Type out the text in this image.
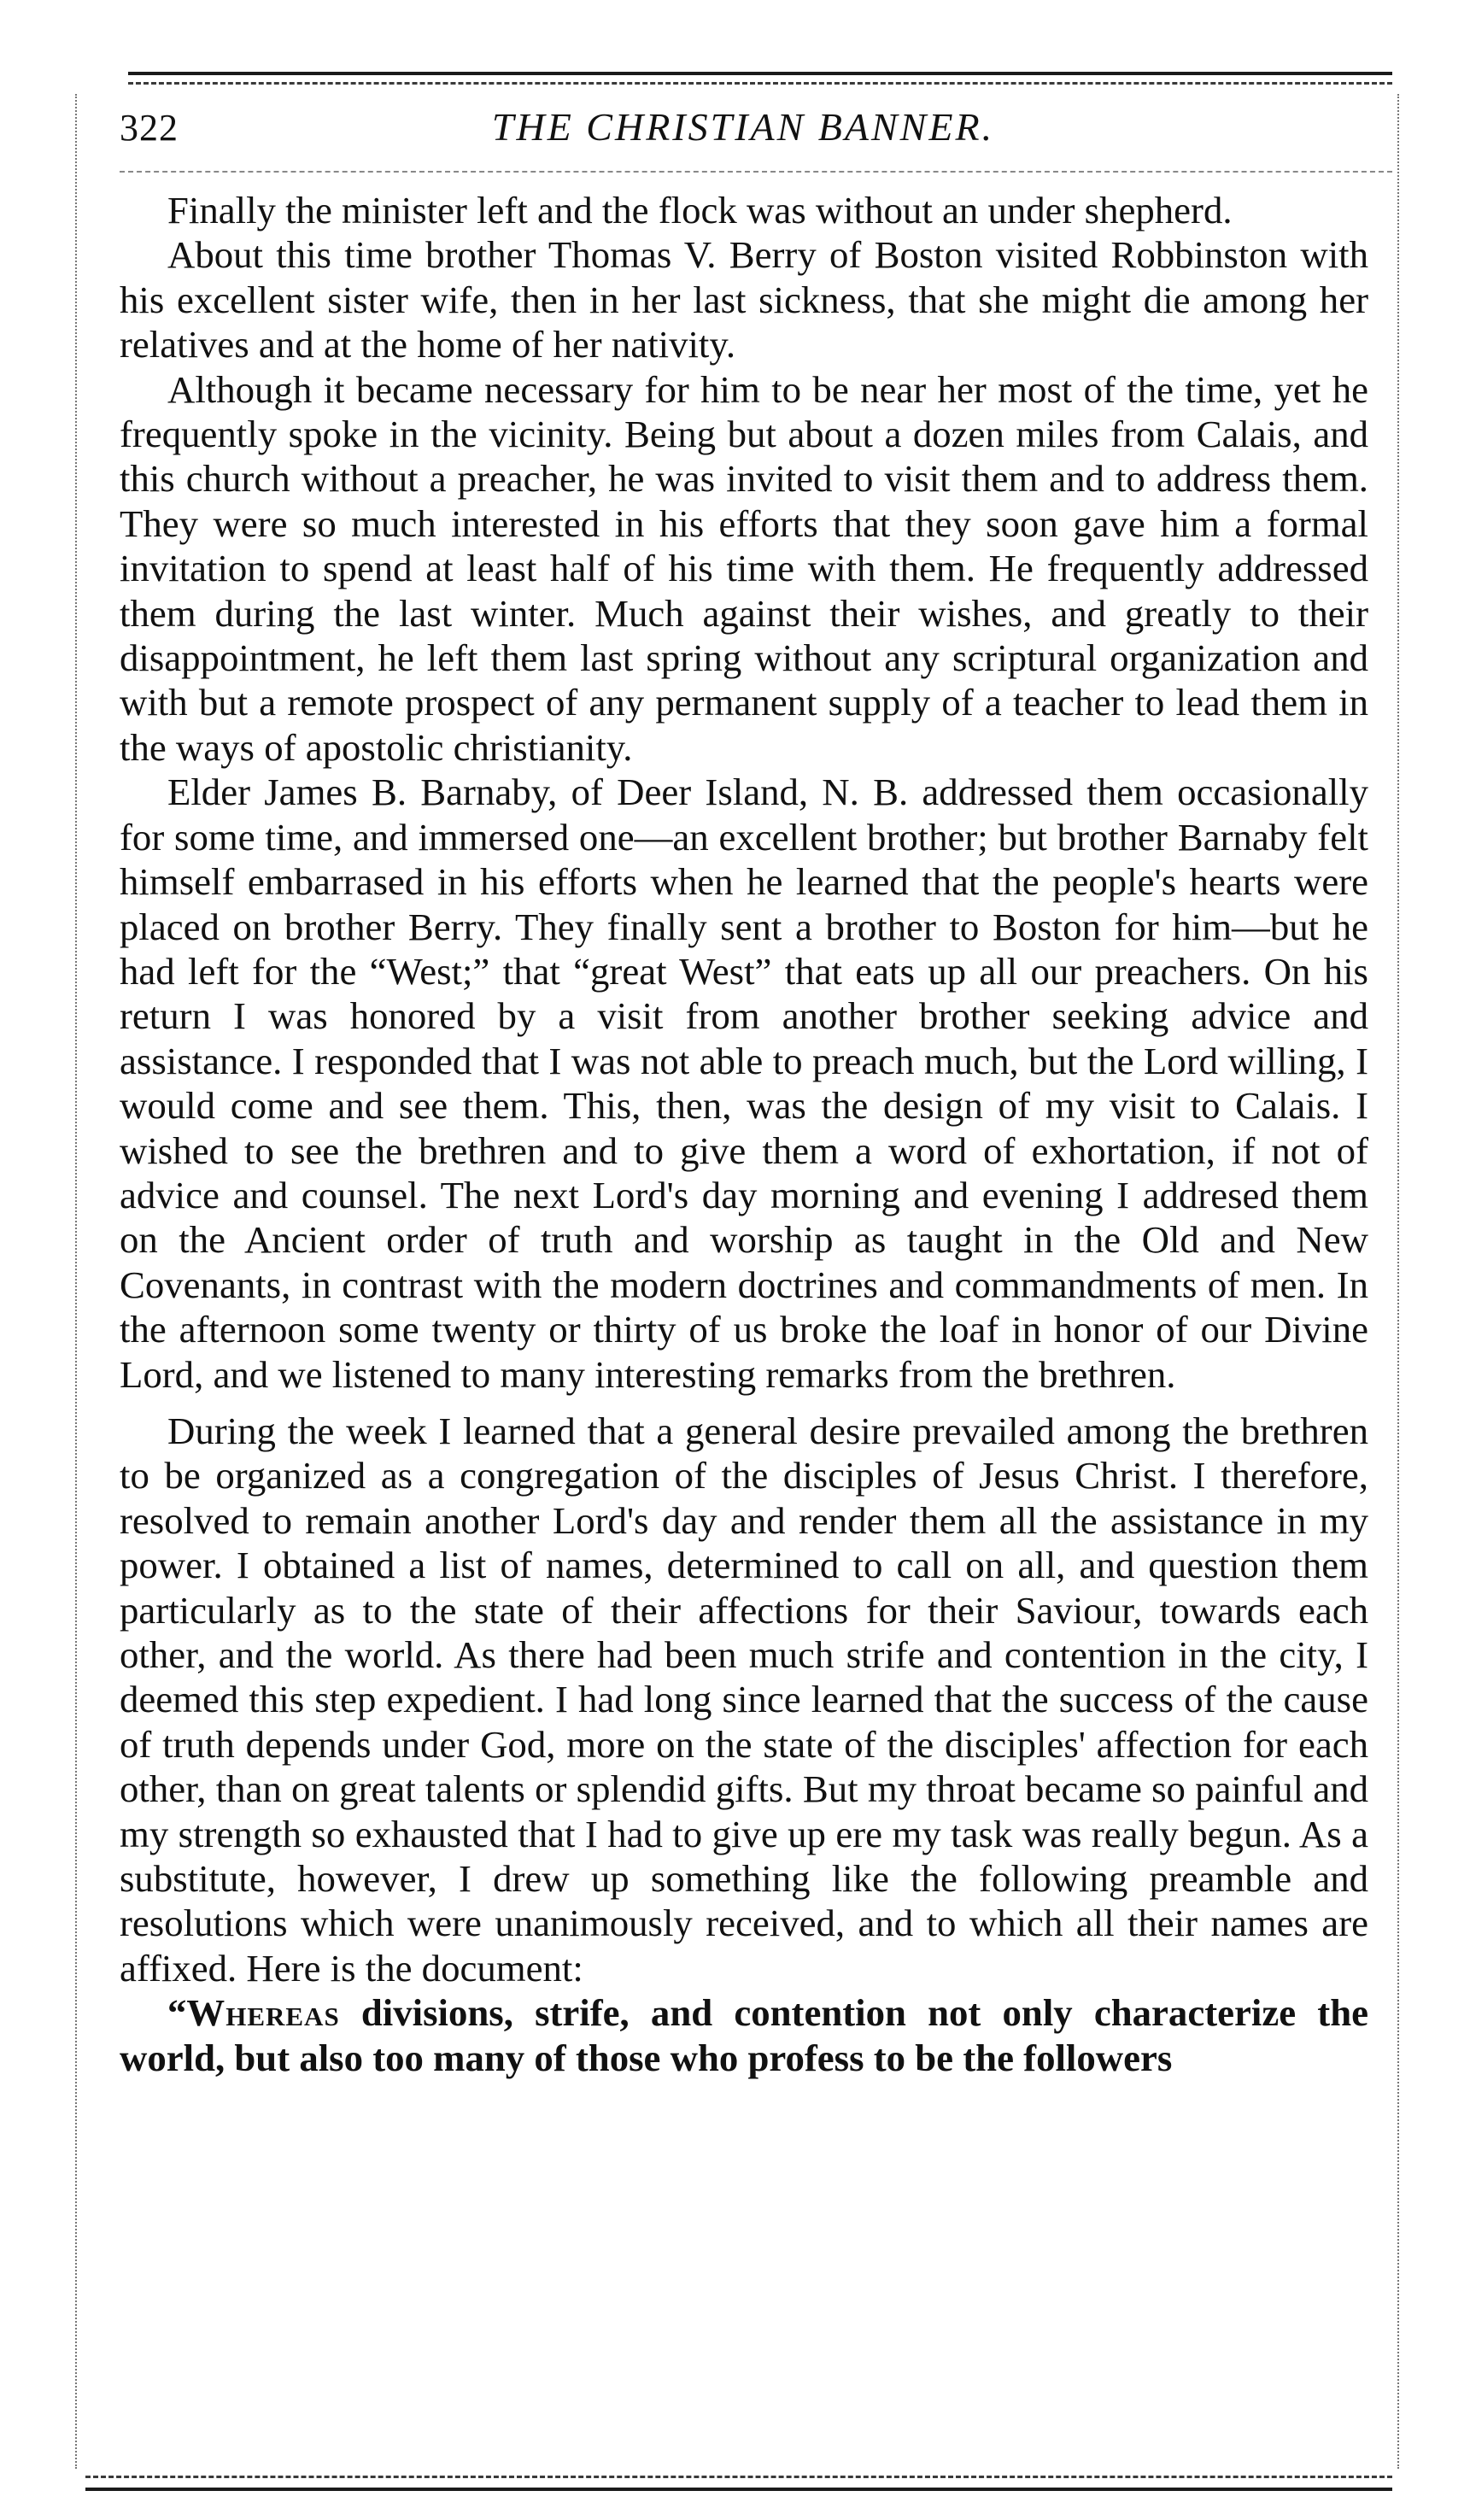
322	THE CHRISTIAN BANNER.

Finally the minister left and the flock was without an under shepherd.

About this time brother Thomas V. Berry of Boston visited Robbinston with his excellent sister wife, then in her last sickness, that she might die among her relatives and at the home of her nativity.

Although it became necessary for him to be near her most of the time, yet he frequently spoke in the vicinity. Being but about a dozen miles from Calais, and this church without a preacher, he was invited to visit them and to address them. They were so much interested in his efforts that they soon gave him a formal invitation to spend at least half of his time with them. He frequently addressed them during the last winter. Much against their wishes, and greatly to their disappointment, he left them last spring without any scriptural organization and with but a remote prospect of any permanent supply of a teacher to lead them in the ways of apostolic christianity.

Elder James B. Barnaby, of Deer Island, N. B. addressed them occasionally for some time, and immersed one—an excellent brother; but brother Barnaby felt himself embarrased in his efforts when he learned that the people's hearts were placed on brother Berry. They finally sent a brother to Boston for him—but he had left for the “West;” that “great West” that eats up all our preachers. On his return I was honored by a visit from another brother seeking advice and assistance. I responded that I was not able to preach much, but the Lord willing, I would come and see them. This, then, was the design of my visit to Calais. I wished to see the brethren and to give them a word of exhortation, if not of advice and counsel. The next Lord's day morning and evening I addresed them on the Ancient order of truth and worship as taught in the Old and New Covenants, in contrast with the modern doctrines and commandments of men. In the afternoon some twenty or thirty of us broke the loaf in honor of our Divine Lord, and we listened to many interesting remarks from the brethren.

During the week I learned that a general desire prevailed among the brethren to be organized as a congregation of the disciples of Jesus Christ. I therefore, resolved to remain another Lord's day and render them all the assistance in my power. I obtained a list of names, determined to call on all, and question them particularly as to the state of their affections for their Saviour, towards each other, and the world. As there had been much strife and contention in the city, I deemed this step expedient. I had long since learned that the success of the cause of truth depends under God, more on the state of the disciples' affection for each other, than on great talents or splendid gifts. But my throat became so painful and my strength so exhausted that I had to give up ere my task was really begun. As a substitute, however, I drew up something like the following preamble and resolutions which were unanimously received, and to which all their names are affixed. Here is the document:

“Whereas divisions, strife, and contention not only characterize the world, but also too many of those who profess to be the followers
